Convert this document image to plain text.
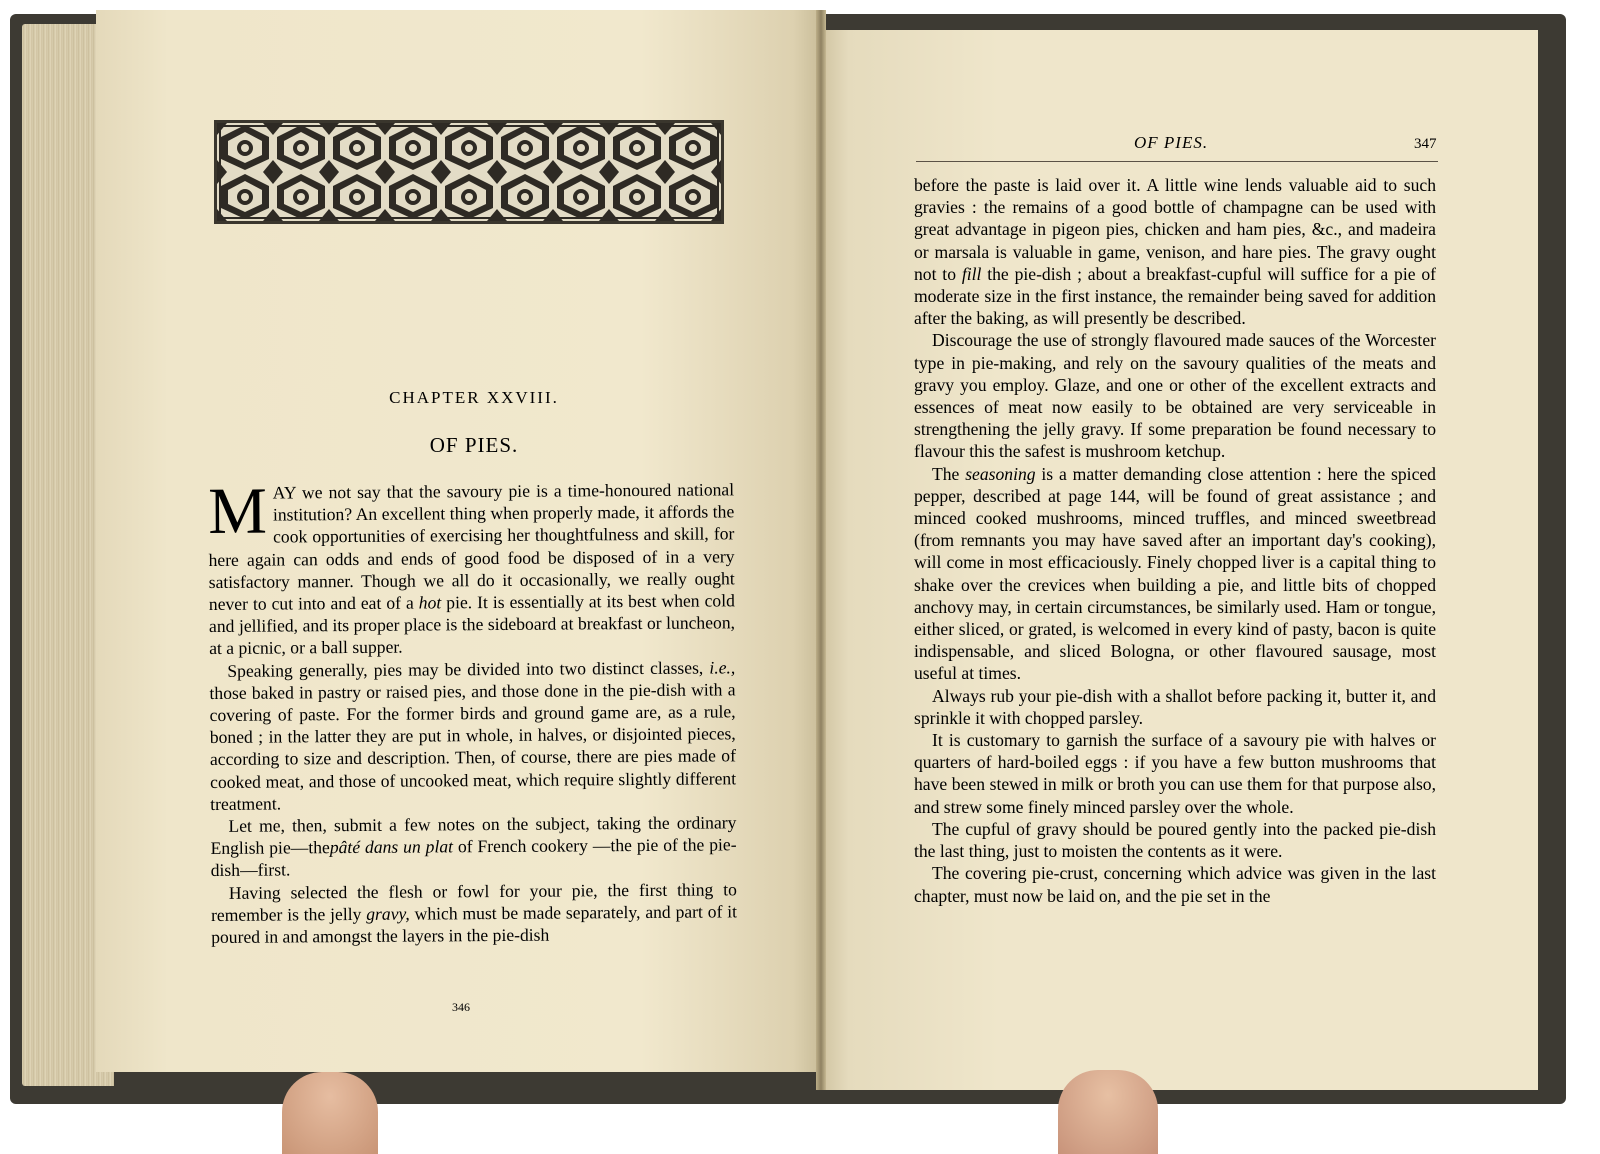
CHAPTER XXVIII.
OF PIES.

MAY we not say that the savoury pie is a time-honoured national institution? An excellent thing when properly made, it affords the cook opportunities of exercising her thoughtfulness and skill, for here again can odds and ends of good food be disposed of in a very satisfactory manner. Though we all do it occasionally, we really ought never to cut into and eat of a hot pie. It is essentially at its best when cold and jellified, and its proper place is the sideboard at breakfast or luncheon, at a picnic, or a ball supper.

Speaking generally, pies may be divided into two distinct classes, i.e., those baked in pastry or raised pies, and those done in the pie-dish with a covering of paste. For the former birds and ground game are, as a rule, boned ; in the latter they are put in whole, in halves, or disjointed pieces, according to size and description. Then, of course, there are pies made of cooked meat, and those of uncooked meat, which require slightly different treatment.

Let me, then, submit a few notes on the subject, taking the ordinary English pie—thepâté dans un plat of French cookery —the pie of the pie-dish—first.

Having selected the flesh or fowl for your pie, the first thing to remember is the jelly gravy, which must be made separately, and part of it poured in and amongst the layers in the pie-dish

346
OF PIES.	347

before the paste is laid over it. A little wine lends valuable aid to such gravies : the remains of a good bottle of champagne can be used with great advantage in pigeon pies, chicken and ham pies, &c., and madeira or marsala is valuable in game, venison, and hare pies. The gravy ought not to fill the pie-dish ; about a breakfast-cupful will suffice for a pie of moderate size in the first instance, the remainder being saved for addition after the baking, as will presently be described.

Discourage the use of strongly flavoured made sauces of the Worcester type in pie-making, and rely on the savoury qualities of the meats and gravy you employ. Glaze, and one or other of the excellent extracts and essences of meat now easily to be obtained are very serviceable in strengthening the jelly gravy. If some preparation be found necessary to flavour this the safest is mushroom ketchup.

The seasoning is a matter demanding close attention : here the spiced pepper, described at page 144, will be found of great assistance ; and minced cooked mushrooms, minced truffles, and minced sweetbread (from remnants you may have saved after an important day's cooking), will come in most efficaciously. Finely chopped liver is a capital thing to shake over the crevices when building a pie, and little bits of chopped anchovy may, in certain circumstances, be similarly used. Ham or tongue, either sliced, or grated, is welcomed in every kind of pasty, bacon is quite indispensable, and sliced Bologna, or other flavoured sausage, most useful at times.

Always rub your pie-dish with a shallot before packing it, butter it, and sprinkle it with chopped parsley.

It is customary to garnish the surface of a savoury pie with halves or quarters of hard-boiled eggs : if you have a few button mushrooms that have been stewed in milk or broth you can use them for that purpose also, and strew some finely minced parsley over the whole.

The cupful of gravy should be poured gently into the packed pie-dish the last thing, just to moisten the contents as it were.

The covering pie-crust, concerning which advice was given in the last chapter, must now be laid on, and the pie set in the
